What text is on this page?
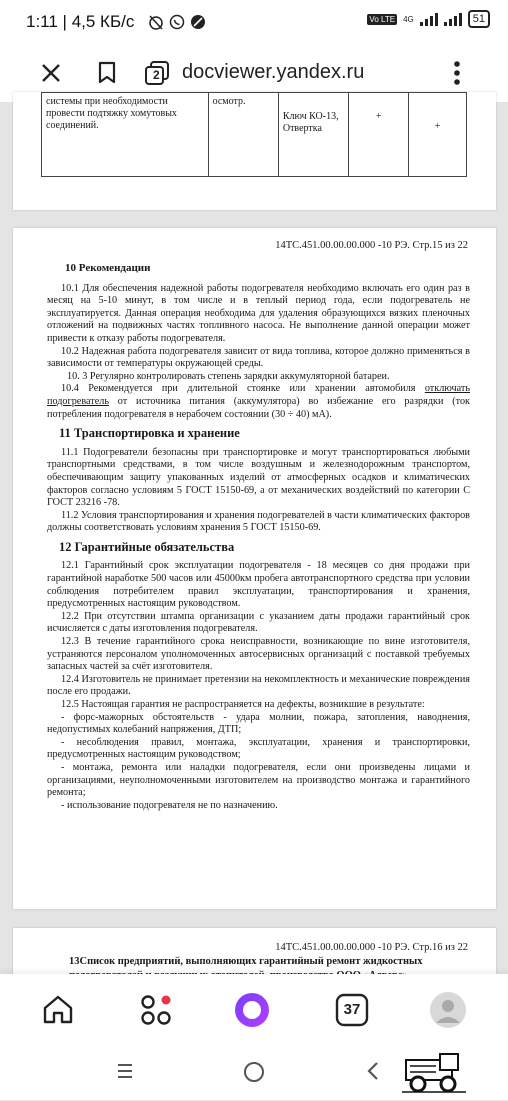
1:11 | 4,5 КБ/с	Vo LTE 4G	51
2 docviewer.yandex.ru
системы при необходимости провести подтяжку хомутовых соединений.	осмотр.	Ключ КО-13, Отвертка	+	+
14ТС.451.00.00.00.000 -10 РЭ. Стр.15 из 22
10 Рекомендации

10.1 Для обеспечения надежной работы подогревателя необходимо включать его один раз в месяц на 5-10 минут, в том числе и в теплый период года, если подогреватель не эксплуатируется. Данная операция необходима для удаления образующихся вязких пленочных отложений на подвижных частях топливного насоса. Не выполнение данной операции может привести к отказу работы подогревателя.

10.2 Надежная работа подогревателя зависит от вида топлива, которое должно применяться в зависимости от температуры окружающей среды.

10. 3 Регулярно контролировать степень зарядки аккумуляторной батареи.

10.4 Рекомендуется при длительной стоянке или хранении автомобиля отключать подогреватель от источника питания (аккумулятора) во избежание его разрядки (ток потребления подогревателя в нерабочем состоянии (30 ÷ 40) мА).

11 Транспортировка и хранение

11.1 Подогреватели безопасны при транспортировке и могут транспортироваться любыми транспортными средствами, в том числе воздушным и железнодорожным транспортом, обеспечивающим защиту упакованных изделий от атмосферных осадков и климатических факторов согласно условиям 5 ГОСТ 15150-69, а от механических воздействий по категории С ГОСТ 23216 -78.

11.2 Условия транспортирования и хранения подогревателей в части климатических факторов должны соответствовать условиям хранения 5 ГОСТ 15150-69.

12 Гарантийные обязательства

12.1 Гарантийный срок эксплуатации подогревателя - 18 месяцев со дня продажи при гарантийной наработке 500 часов или 45000км пробега автотранспортного средства при условии соблюдения потребителем правил эксплуатации, транспортирования и хранения, предусмотренных настоящим руководством.

12.2 При отсутствии штампа организации с указанием даты продажи гарантийный срок исчисляется с даты изготовления подогревателя.

12.3 В течение гарантийного срока неисправности, возникающие по вине изготовителя, устраняются персоналом уполномоченных автосервисных организаций с поставкой требуемых запасных частей за счёт изготовителя.

12.4 Изготовитель не принимает претензии на некомплектность и механические повреждения после его продажи.

12.5 Настоящая гарантия не распространяется на дефекты, возникшие в результате:

- форс-мажорных обстоятельств - удара молнии, пожара, затопления, наводнения, недопустимых колебаний напряжения, ДТП;

- несоблюдения правил, монтажа, эксплуатации, хранения и транспортировки, предусмотренных настоящим руководством;

- монтажа, ремонта или наладки подогревателя, если они произведены лицами и организациями, неуполномоченными изготовителем на производство монтажа и гарантийного ремонта;

- использование подогревателя не по назначению.

14ТС.451.00.00.00.000 -10 РЭ. Стр.16 из 22
13Список предприятий, выполняющих гарантийный ремонт жидкостных
37
